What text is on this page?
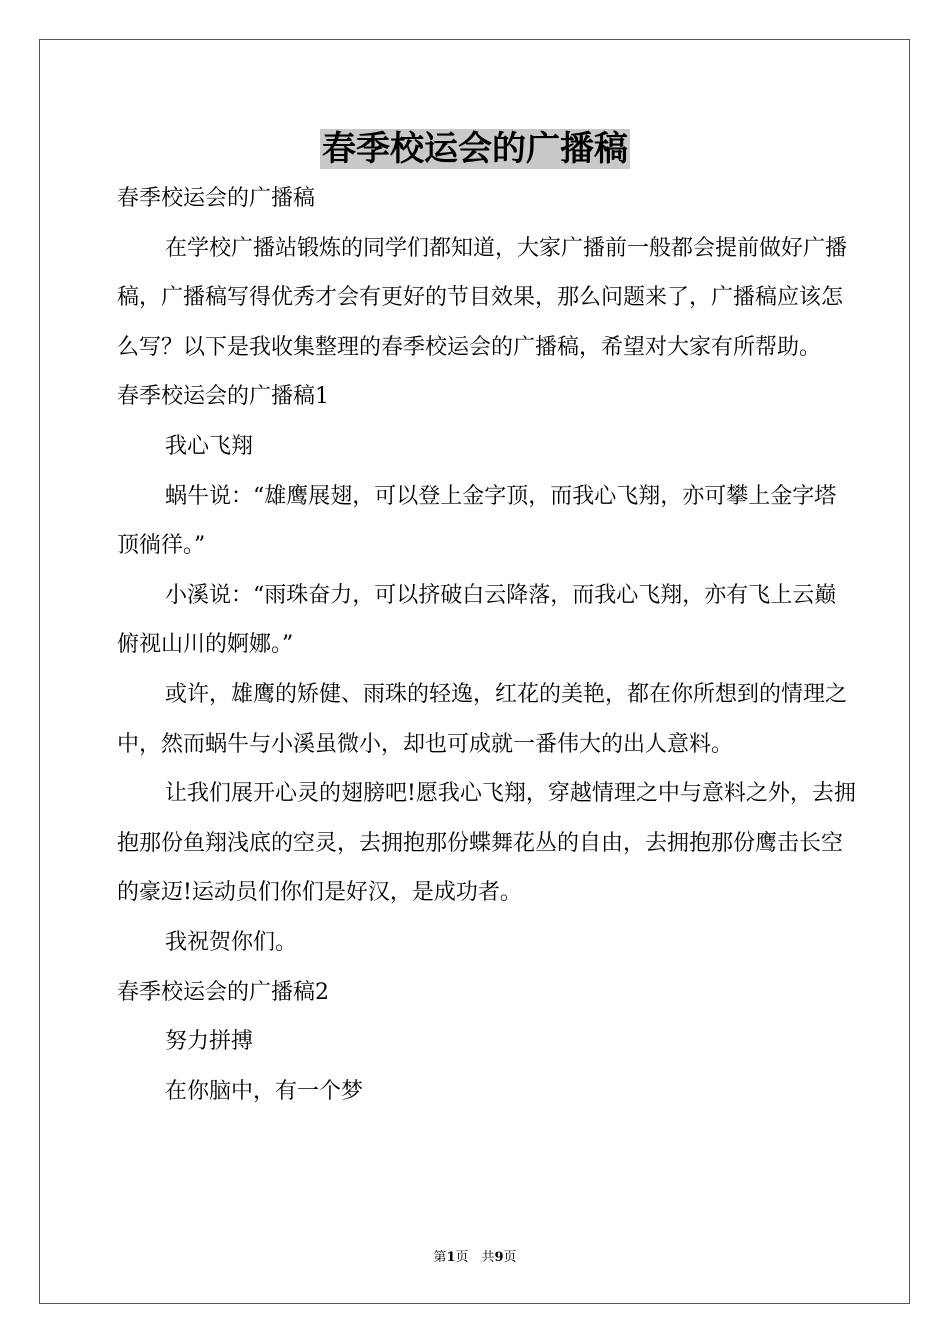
春季校运会的广播稿

春季校运会的广播稿

在学校广播站锻炼的同学们都知道，大家广播前一般都会提前做好广播稿，广播稿写得优秀才会有更好的节目效果，那么问题来了，广播稿应该怎么写？以下是我收集整理的春季校运会的广播稿，希望对大家有所帮助。

春季校运会的广播稿1

我心飞翔

蜗牛说：“雄鹰展翅，可以登上金字顶，而我心飞翔，亦可攀上金字塔顶徜徉。”

小溪说：“雨珠奋力，可以挤破白云降落，而我心飞翔，亦有飞上云巅俯视山川的婀娜。”

或许，雄鹰的矫健、雨珠的轻逸，红花的美艳，都在你所想到的情理之中，然而蜗牛与小溪虽微小，却也可成就一番伟大的出人意料。

让我们展开心灵的翅膀吧!愿我心飞翔，穿越情理之中与意料之外，去拥抱那份鱼翔浅底的空灵，去拥抱那份蝶舞花丛的自由，去拥抱那份鹰击长空的豪迈!运动员们你们是好汉，是成功者。

我祝贺你们。

春季校运会的广播稿2

努力拼搏

在你脑中，有一个梦

第1页　共9页
